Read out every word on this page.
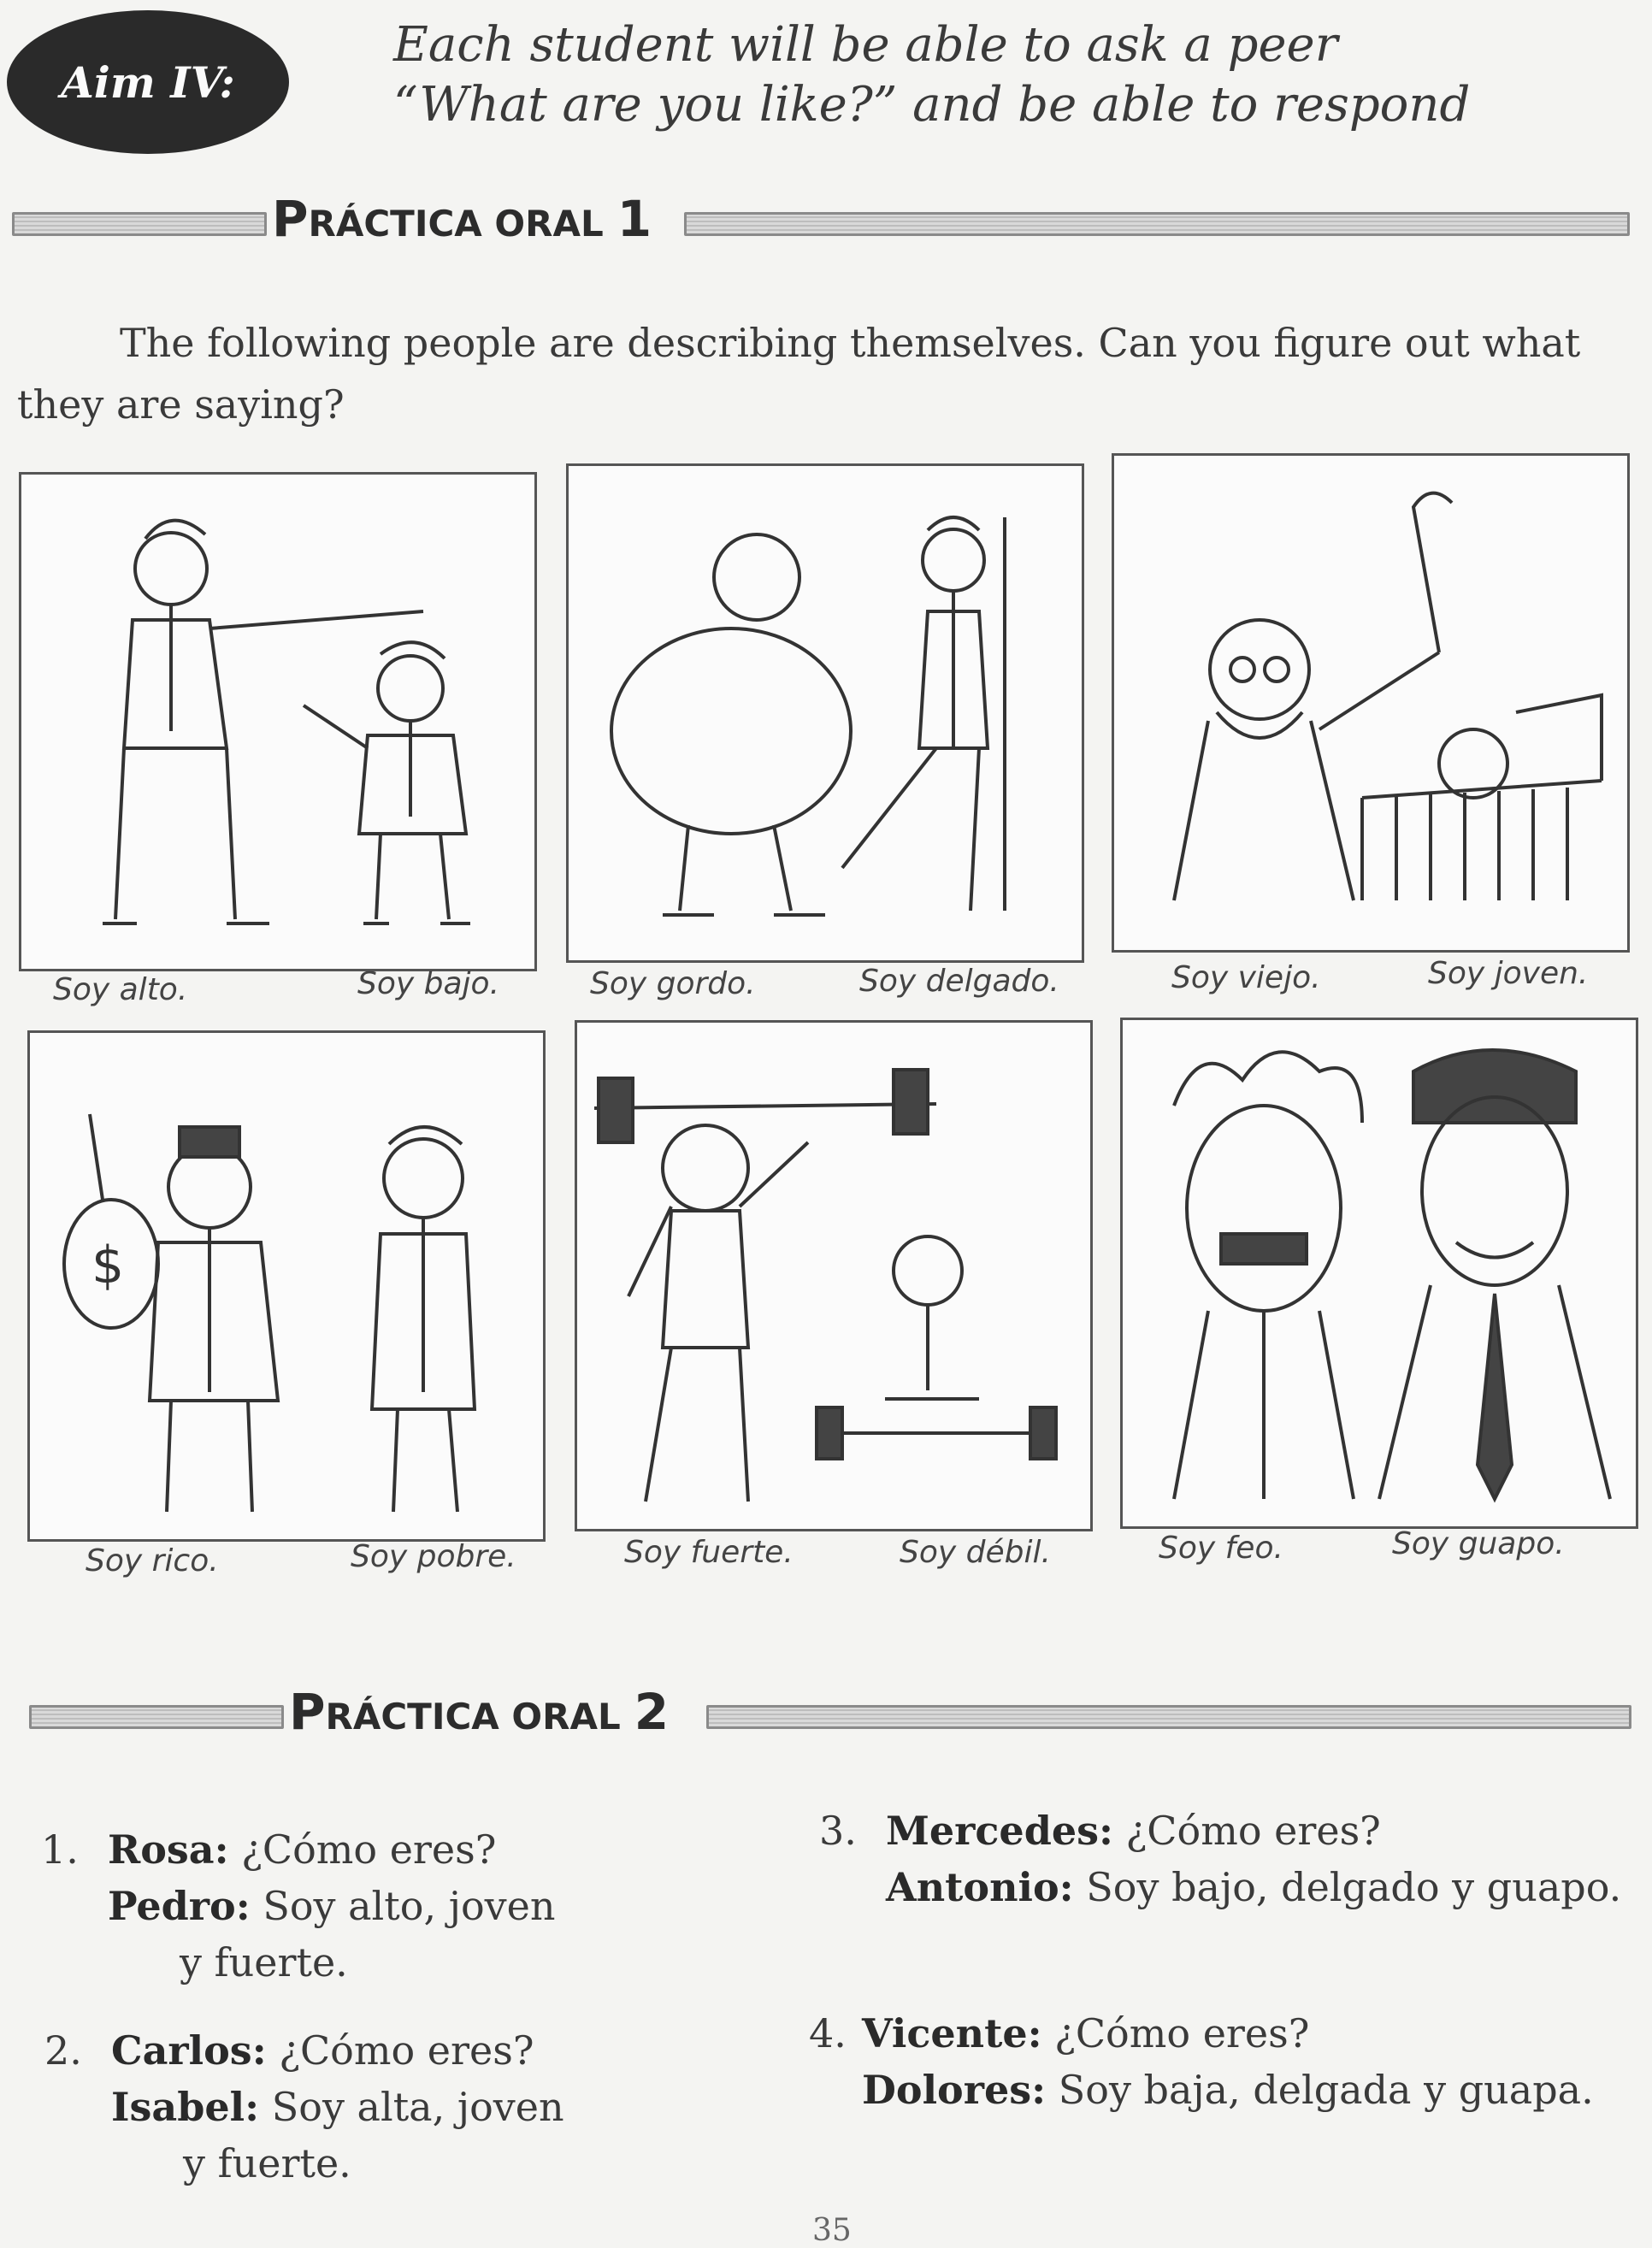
Aim IV:
Each student will be able to ask a peer
“What are you like?” and be able to respond
PRÁCTICA ORAL 1
The following people are describing themselves. Can you figure out what they are saying?
Soy alto.	Soy bajo.	Soy gordo.	Soy delgado.	Soy viejo.	Soy joven.
$
Soy rico.	Soy pobre.	Soy fuerte.	Soy débil.	Soy feo.	Soy guapo.
PRÁCTICA ORAL 2
1. Rosa: ¿Cómo eres?
Pedro: Soy alto, joven
y fuerte.
2. Carlos: ¿Cómo eres?
Isabel: Soy alta, joven
y fuerte.
3. Mercedes: ¿Cómo eres?
Antonio: Soy bajo, delgado y guapo.
4. Vicente: ¿Cómo eres?
Dolores: Soy baja, delgada y guapa.
35
